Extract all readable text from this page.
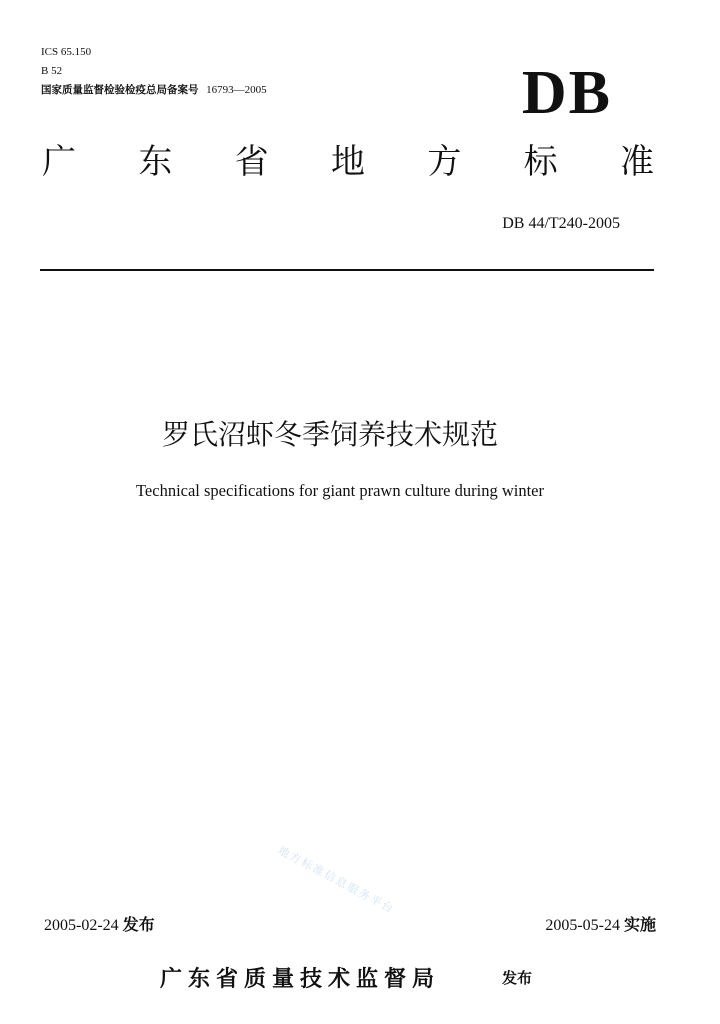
ICS 65.150
B 52
国家质量监督检验检疫总局备案号 16793—2005	DB
广 东 省 地 方 标 准
DB 44/T240-2005
罗氏沼虾冬季饲养技术规范
Technical specifications for giant prawn culture during winter
地方标准信息服务平台
2005-02-24 发布	2005-05-24 实施
广东省质量技术监督局	发布
